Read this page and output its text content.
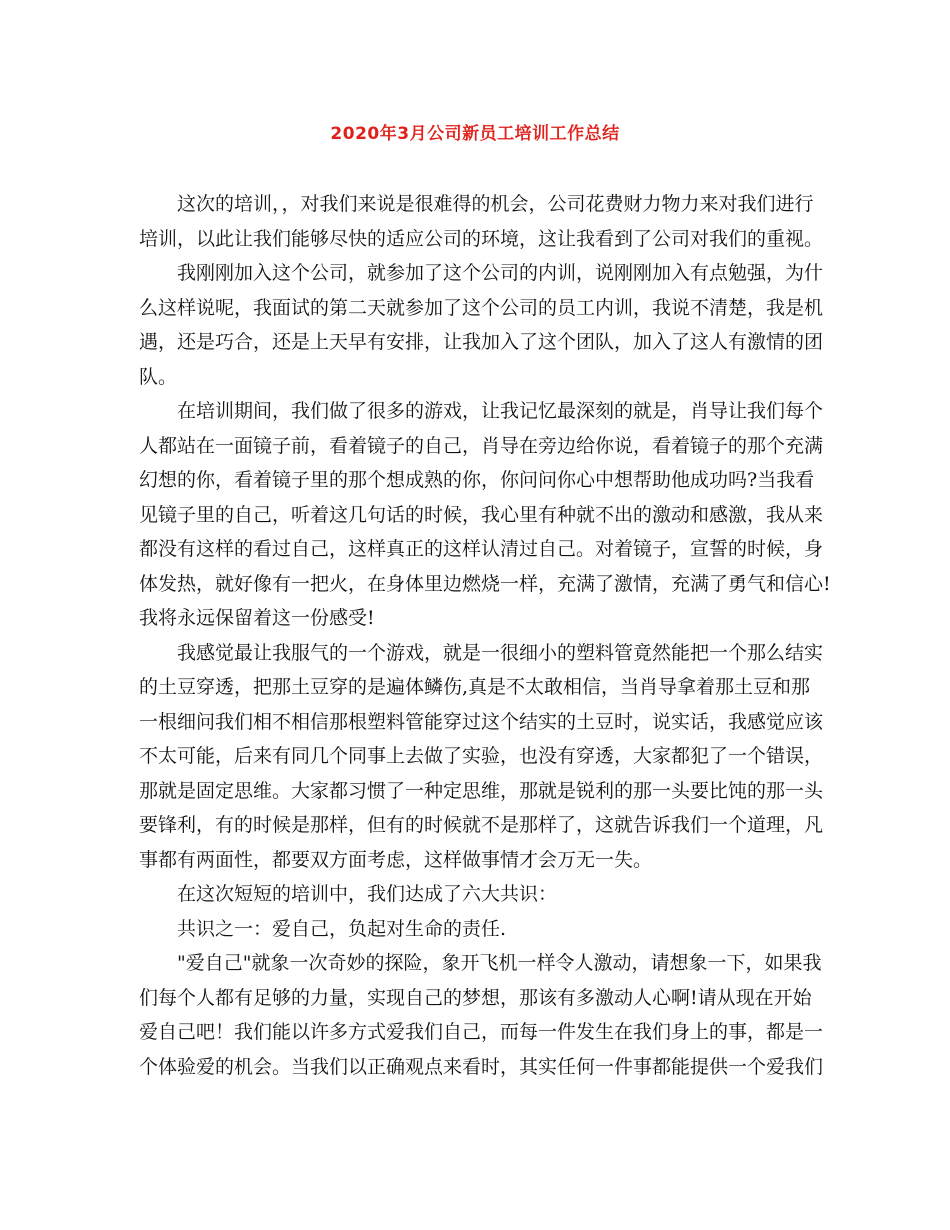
2020年3月公司新员工培训工作总结
这次的培训，，对我们来说是很难得的机会，公司花费财力物力来对我们进行
培训，以此让我们能够尽快的适应公司的环境，这让我看到了公司对我们的重视。
我刚刚加入这个公司，就参加了这个公司的内训，说刚刚加入有点勉强，为什
么这样说呢，我面试的第二天就参加了这个公司的员工内训，我说不清楚，我是机
遇，还是巧合，还是上天早有安排，让我加入了这个团队，加入了这人有激情的团
队。
在培训期间，我们做了很多的游戏，让我记忆最深刻的就是，肖导让我们每个
人都站在一面镜子前，看着镜子的自己，肖导在旁边给你说，看着镜子的那个充满
幻想的你，看着镜子里的那个想成熟的你，你问问你心中想帮助他成功吗?当我看
见镜子里的自己，听着这几句话的时候，我心里有种就不出的激动和感激，我从来
都没有这样的看过自己，这样真正的这样认清过自己。对着镜子，宣誓的时候，身
体发热，就好像有一把火，在身体里边燃烧一样，充满了激情，充满了勇气和信心!
我将永远保留着这一份感受!
我感觉最让我服气的一个游戏，就是一很细小的塑料管竟然能把一个那么结实
的土豆穿透，把那土豆穿的是遍体鳞伤,真是不太敢相信，当肖导拿着那土豆和那
一根细问我们相不相信那根塑料管能穿过这个结实的土豆时，说实话，我感觉应该
不太可能，后来有同几个同事上去做了实验，也没有穿透，大家都犯了一个错误，
那就是固定思维。大家都习惯了一种定思维，那就是锐利的那一头要比饨的那一头
要锋利，有的时候是那样，但有的时候就不是那样了，这就告诉我们一个道理，凡
事都有两面性，都要双方面考虑，这样做事情才会万无一失。
在这次短短的培训中，我们达成了六大共识：
共识之一：爱自己，负起对生命的责任.
"爱自己"就象一次奇妙的探险，象开飞机一样令人激动，请想象一下，如果我
们每个人都有足够的力量，实现自己的梦想，那该有多激动人心啊!请从现在开始
爱自己吧！我们能以许多方式爱我们自己，而每一件发生在我们身上的事，都是一
个体验爱的机会。当我们以正确观点来看时，其实任何一件事都能提供一个爱我们
